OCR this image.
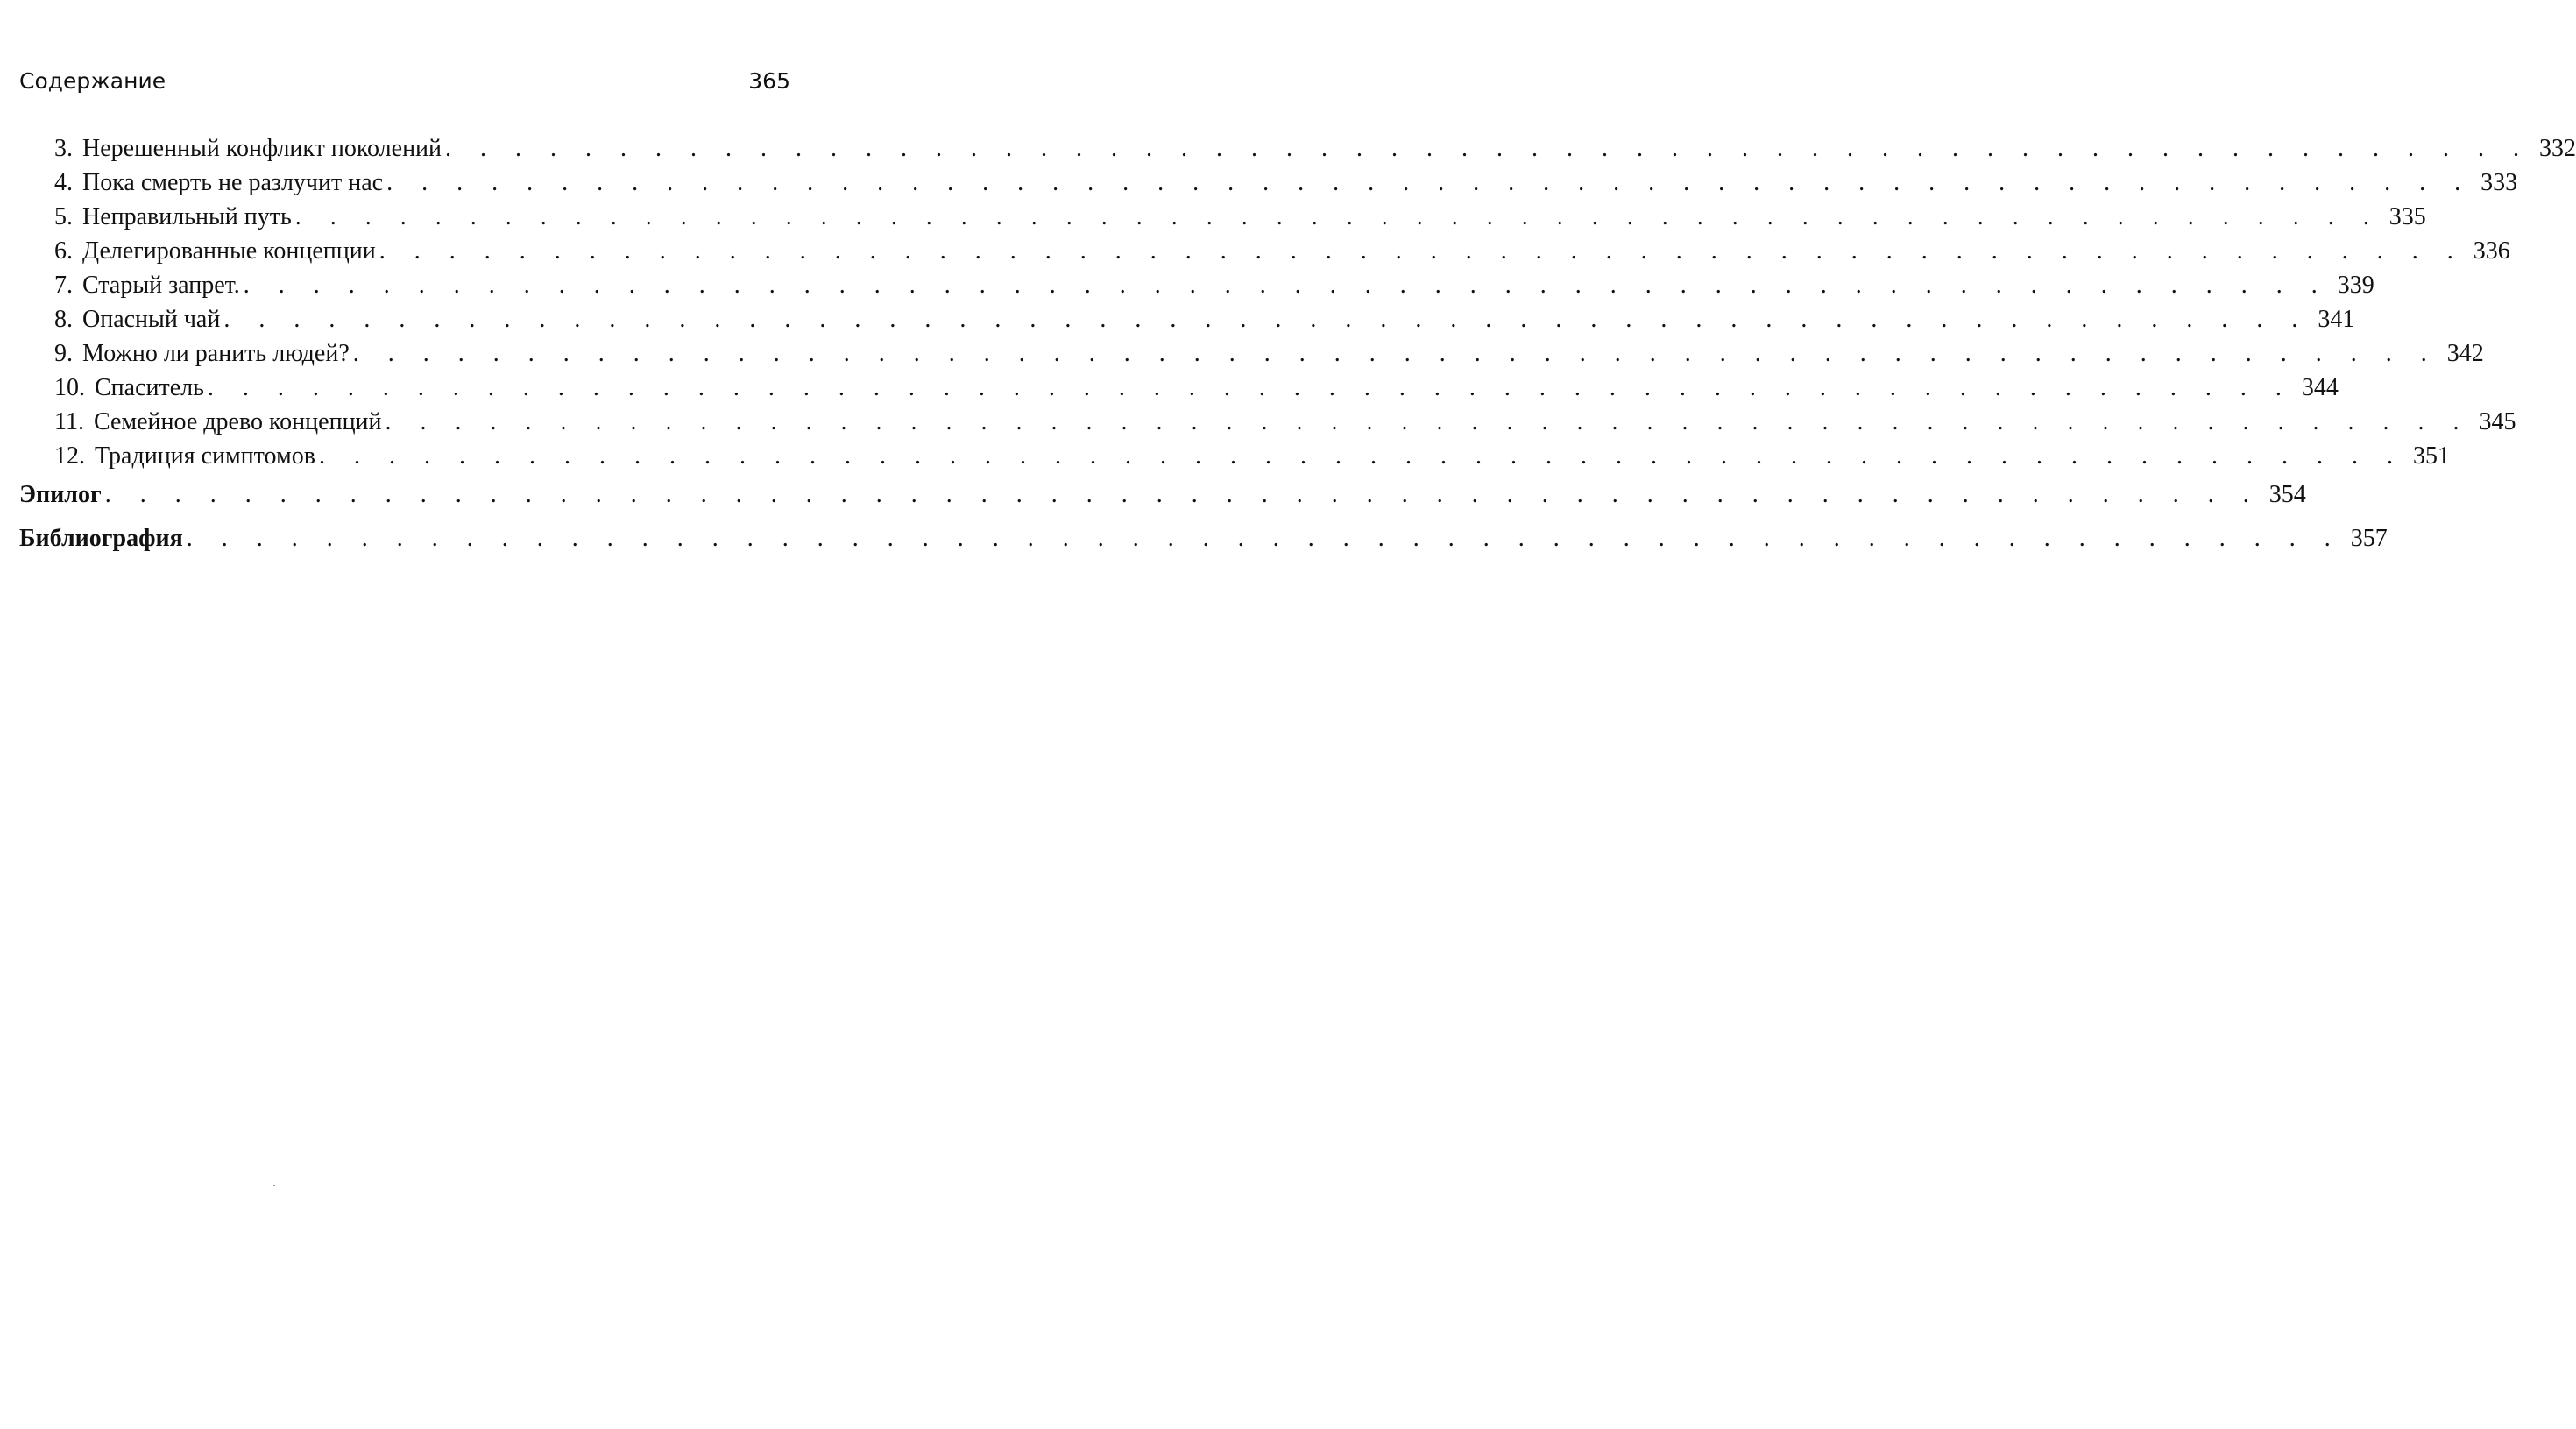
Содержание	365
3. Нерешенный конфликт поколений . . . . . . . . . . . . . . . . . . . . . . . . . . . . . . . . . . . . . . . . . . . . . . . . . . . . . . . . . . . . 332
4. Пока смерть не разлучит нас . . . . . . . . . . . . . . . . . . . . . . . . . . . . . . . . . . . . . . . . . . . . . . . . . . . . . . . . . . . . 333
5. Неправильный путь . . . . . . . . . . . . . . . . . . . . . . . . . . . . . . . . . . . . . . . . . . . . . . . . . . . . . . . . . . . . 335
6. Делегированные концепции . . . . . . . . . . . . . . . . . . . . . . . . . . . . . . . . . . . . . . . . . . . . . . . . . . . . . . . . . . . . 336
7. Старый запрет. . . . . . . . . . . . . . . . . . . . . . . . . . . . . . . . . . . . . . . . . . . . . . . . . . . . . . . . . . . . . 339
8. Опасный чай . . . . . . . . . . . . . . . . . . . . . . . . . . . . . . . . . . . . . . . . . . . . . . . . . . . . . . . . . . . . 341
9. Можно ли ранить людей? . . . . . . . . . . . . . . . . . . . . . . . . . . . . . . . . . . . . . . . . . . . . . . . . . . . . . . . . . . . . 342
10. Спаситель . . . . . . . . . . . . . . . . . . . . . . . . . . . . . . . . . . . . . . . . . . . . . . . . . . . . . . . . . . . . 344
11. Семейное древо концепций . . . . . . . . . . . . . . . . . . . . . . . . . . . . . . . . . . . . . . . . . . . . . . . . . . . . . . . . . . . . 345
12. Традиция симптомов . . . . . . . . . . . . . . . . . . . . . . . . . . . . . . . . . . . . . . . . . . . . . . . . . . . . . . . . . . . . 351
Эпилог . . . . . . . . . . . . . . . . . . . . . . . . . . . . . . . . . . . . . . . . . . . . . . . . . . . . . . . . . . . . . . 354
Библиография . . . . . . . . . . . . . . . . . . . . . . . . . . . . . . . . . . . . . . . . . . . . . . . . . . . . . . . . . . . . . . 357
